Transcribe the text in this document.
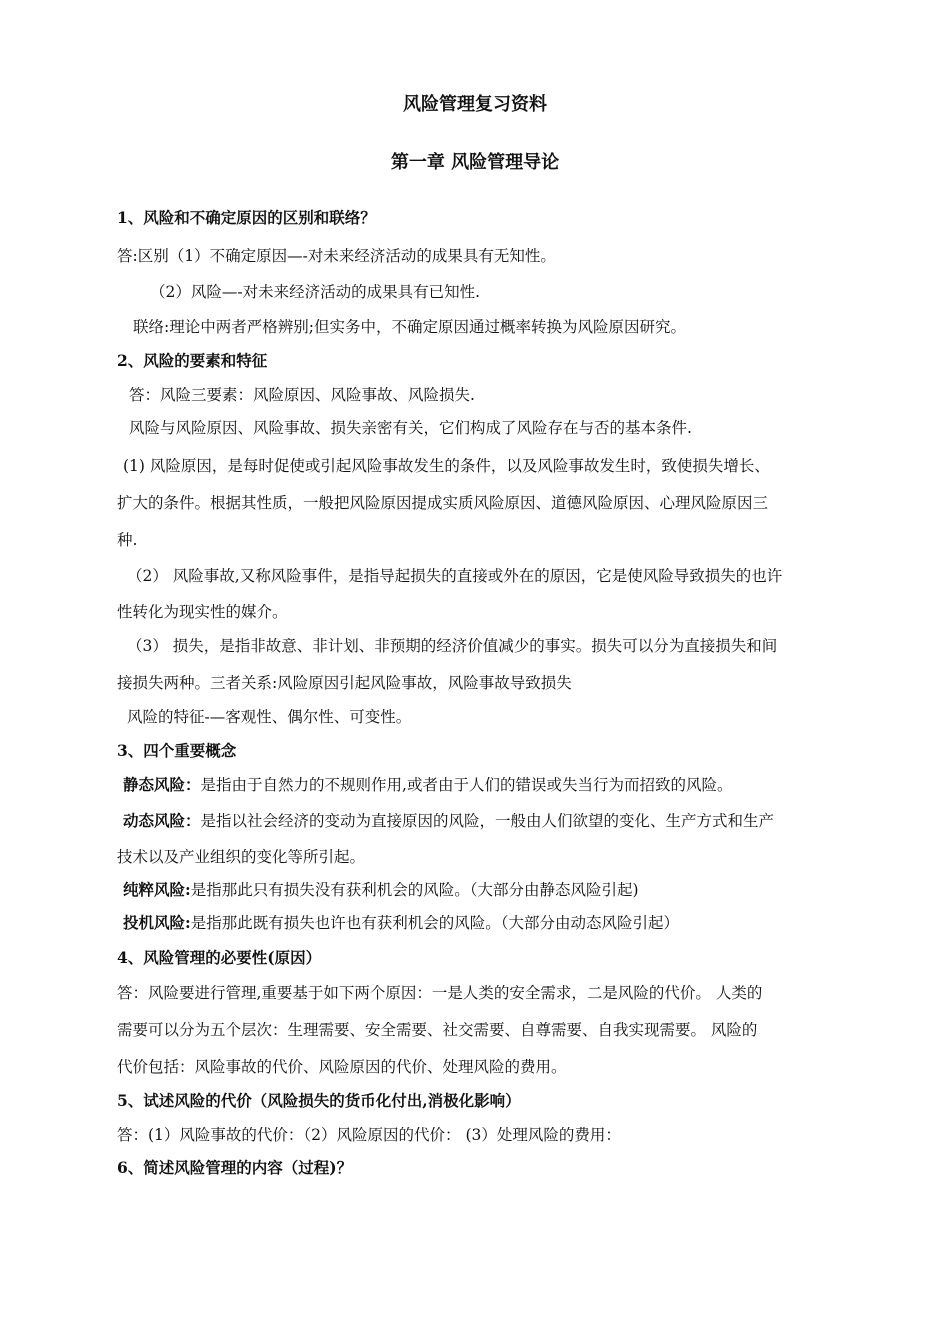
风险管理复习资料
第一章 风险管理导论
1、风险和不确定原因的区别和联络？
答:区别（1）不确定原因—-对未来经济活动的成果具有无知性。
（2）风险—-对未来经济活动的成果具有已知性.
联络:理论中两者严格辨别;但实务中，不确定原因通过概率转换为风险原因研究。
2、风险的要素和特征
答：风险三要素：风险原因、风险事故、风险损失.
风险与风险原因、风险事故、损失亲密有关，它们构成了风险存在与否的基本条件.
(1) 风险原因，是每时促使或引起风险事故发生的条件，以及风险事故发生时，致使损失增长、
扩大的条件。根据其性质，一般把风险原因提成实质风险原因、道德风险原因、心理风险原因三
种.
（2） 风险事故,又称风险事件，是指导起损失的直接或外在的原因，它是使风险导致损失的也许
性转化为现实性的媒介。
（3） 损失，是指非故意、非计划、非预期的经济价值减少的事实。损失可以分为直接损失和间
接损失两种。三者关系:风险原因引起风险事故，风险事故导致损失
风险的特征-—客观性、偶尔性、可变性。
3、四个重要概念
静态风险：是指由于自然力的不规则作用,或者由于人们的错误或失当行为而招致的风险。
动态风险：是指以社会经济的变动为直接原因的风险，一般由人们欲望的变化、生产方式和生产
技术以及产业组织的变化等所引起。
纯粹风险:是指那此只有损失没有获利机会的风险。（大部分由静态风险引起)
投机风险:是指那此既有损失也许也有获利机会的风险。（大部分由动态风险引起）
4、风险管理的必要性(原因）
答：风险要进行管理,重要基于如下两个原因：一是人类的安全需求，二是风险的代价。 人类的
需要可以分为五个层次：生理需要、安全需要、社交需要、自尊需要、自我实现需要。 风险的
代价包括：风险事故的代价、风险原因的代价、处理风险的费用。
5、试述风险的代价（风险损失的货币化付出,消极化影响）
答：(1）风险事故的代价：（2）风险原因的代价： (3）处理风险的费用：
6、简述风险管理的内容（过程)？
